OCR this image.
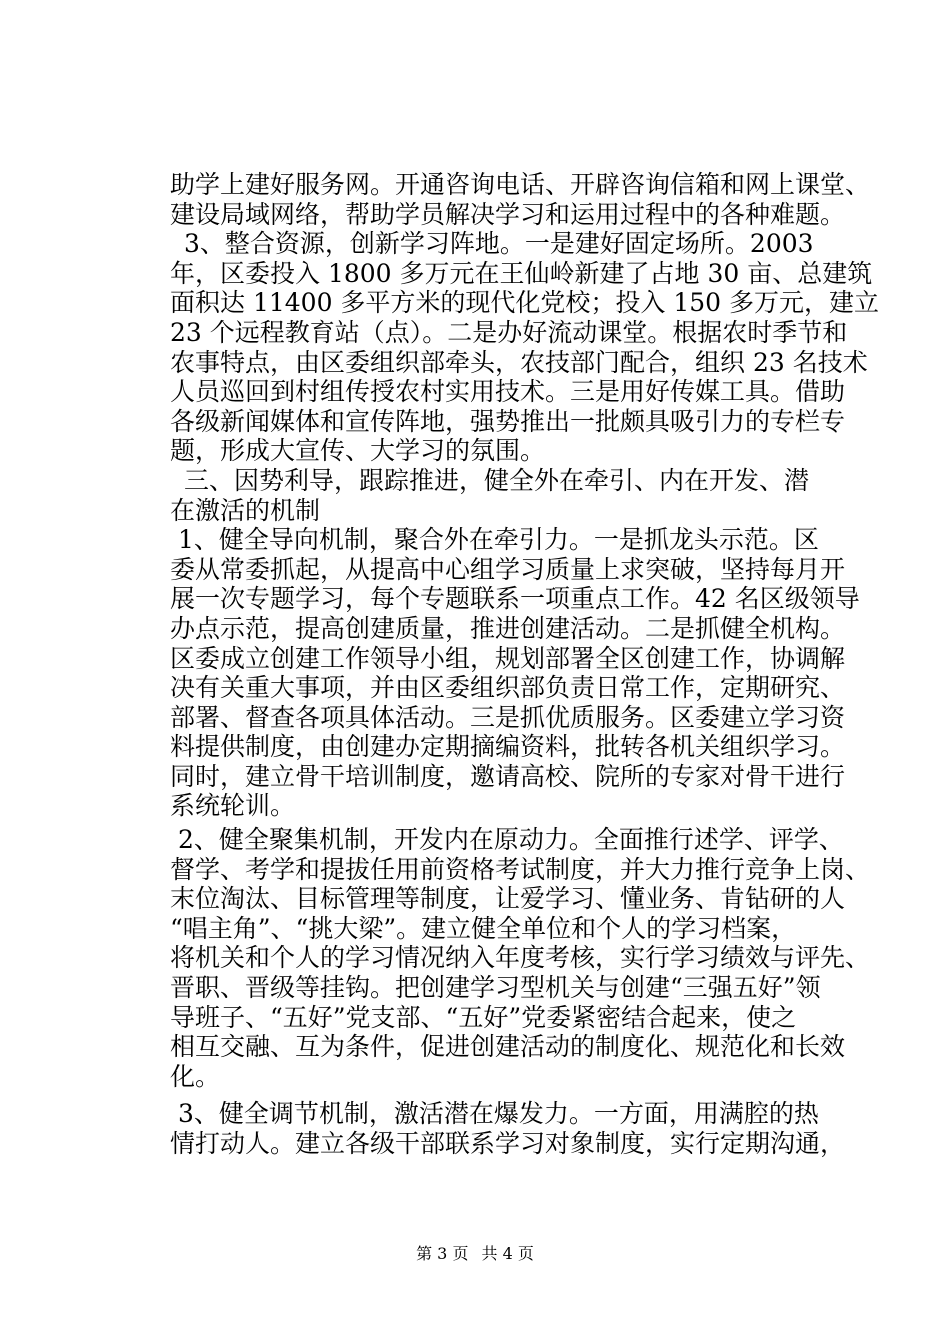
助学上建好服务网。开通咨询电话、开辟咨询信箱和网上课堂、
建设局域网络，帮助学员解决学习和运用过程中的各种难题。
3、整合资源，创新学习阵地。一是建好固定场所。2003
年，区委投入 1800 多万元在王仙岭新建了占地 30 亩、总建筑
面积达 11400 多平方米的现代化党校；投入 150 多万元，建立
23 个远程教育站（点）。二是办好流动课堂。根据农时季节和
农事特点，由区委组织部牵头，农技部门配合，组织 23 名技术
人员巡回到村组传授农村实用技术。三是用好传媒工具。借助
各级新闻媒体和宣传阵地，强势推出一批颇具吸引力的专栏专
题，形成大宣传、大学习的氛围。
三、因势利导，跟踪推进，健全外在牵引、内在开发、潜
在激活的机制
1、健全导向机制，聚合外在牵引力。一是抓龙头示范。区
委从常委抓起，从提高中心组学习质量上求突破，坚持每月开
展一次专题学习，每个专题联系一项重点工作。42 名区级领导
办点示范，提高创建质量，推进创建活动。二是抓健全机构。
区委成立创建工作领导小组，规划部署全区创建工作，协调解
决有关重大事项，并由区委组织部负责日常工作，定期研究、
部署、督查各项具体活动。三是抓优质服务。区委建立学习资
料提供制度，由创建办定期摘编资料，批转各机关组织学习。
同时，建立骨干培训制度，邀请高校、院所的专家对骨干进行
系统轮训。
2、健全聚集机制，开发内在原动力。全面推行述学、评学、
督学、考学和提拔任用前资格考试制度，并大力推行竞争上岗、
末位淘汰、目标管理等制度，让爱学习、懂业务、肯钻研的人
“唱主角”、“挑大梁”。建立健全单位和个人的学习档案，
将机关和个人的学习情况纳入年度考核，实行学习绩效与评先、
晋职、晋级等挂钩。把创建学习型机关与创建“三强五好”领
导班子、“五好”党支部、“五好”党委紧密结合起来，使之
相互交融、互为条件，促进创建活动的制度化、规范化和长效
化。
3、健全调节机制，激活潜在爆发力。一方面，用满腔的热
情打动人。建立各级干部联系学习对象制度，实行定期沟通，
第 3 页 共 4 页
